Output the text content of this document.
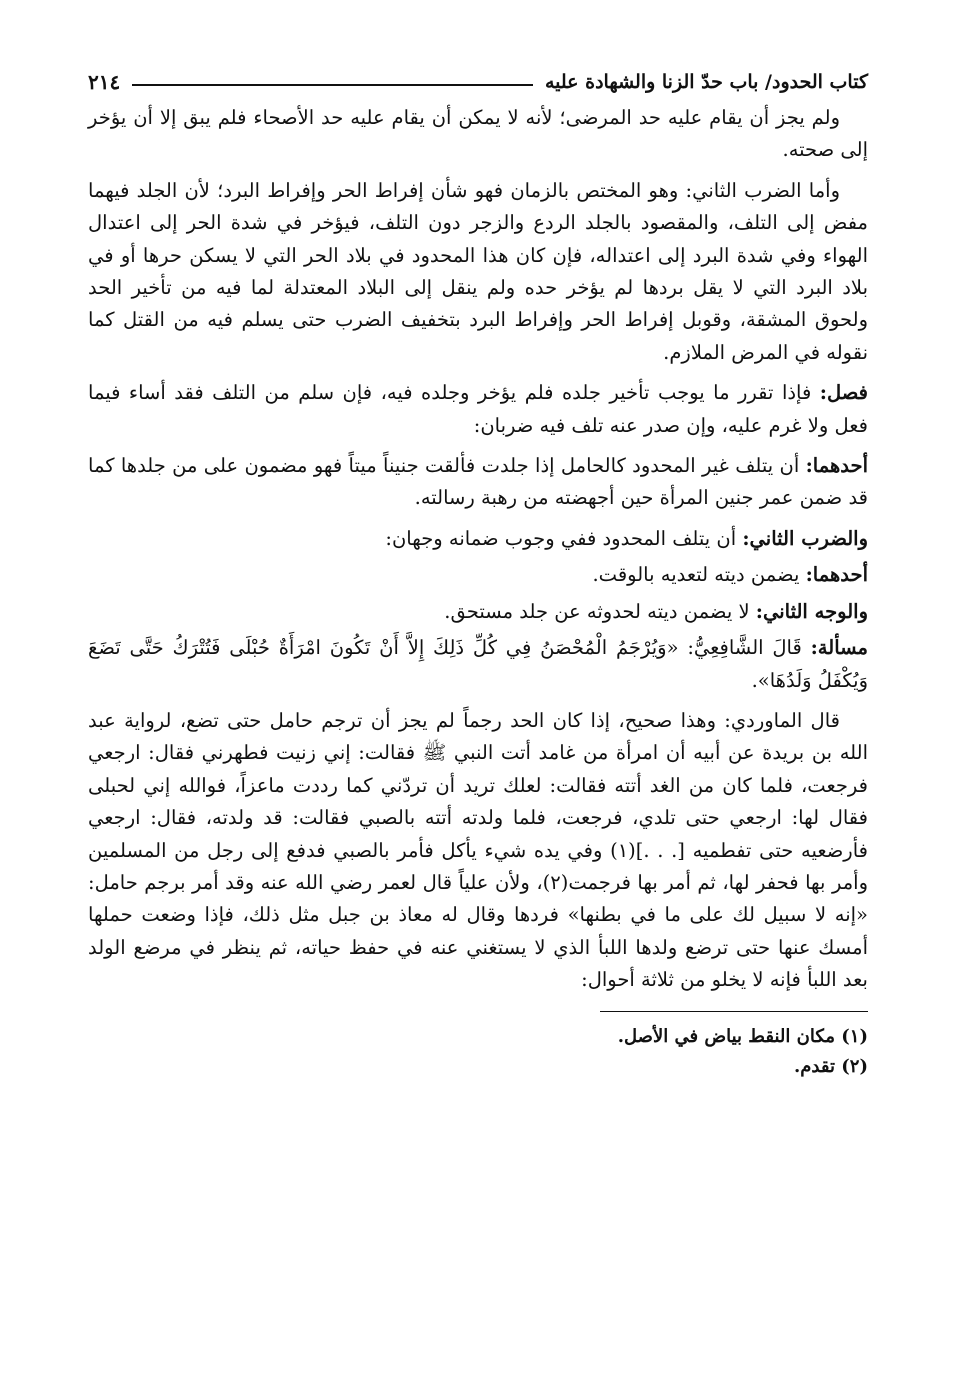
كتاب الحدود/ باب حدّ الزنا والشهادة عليه
٢١٤

ولم يجز أن يقام عليه حد المرضى؛ لأنه لا يمكن أن يقام عليه حد الأصحاء فلم يبق إلا أن يؤخر إلى صحته.

وأما الضرب الثاني: وهو المختص بالزمان فهو شأن إفراط الحر وإفراط البرد؛ لأن الجلد فيهما مفض إلى التلف، والمقصود بالجلد الردع والزجر دون التلف، فيؤخر في شدة الحر إلى اعتدال الهواء وفي شدة البرد إلى اعتداله، فإن كان هذا المحدود في بلاد الحر التي لا يسكن حرها أو في بلاد البرد التي لا يقل بردها لم يؤخر حده ولم ينقل إلى البلاد المعتدلة لما فيه من تأخير الحد ولحوق المشقة، وقوبل إفراط الحر وإفراط البرد بتخفيف الضرب حتى يسلم فيه من القتل كما نقوله في المرض الملازم.

فصل: فإذا تقرر ما يوجب تأخير جلده فلم يؤخر وجلده فيه، فإن سلم من التلف فقد أساء فيما فعل ولا غرم عليه، وإن صدر عنه تلف فيه ضربان:

أحدهما: أن يتلف غير المحدود كالحامل إذا جلدت فألقت جنيناً ميتاً فهو مضمون على من جلدها كما قد ضمن عمر جنين المرأة حين أجهضته من رهبة رسالته.

والضرب الثاني: أن يتلف المحدود ففي وجوب ضمانه وجهان:

أحدهما: يضمن ديته لتعديه بالوقت.

والوجه الثاني: لا يضمن ديته لحدوثه عن جلد مستحق.

مسألة: قَالَ الشَّافِعِيُّ: «وَيُرْجَمُ الْمُحْصَنُ فِي كُلِّ ذَلِكَ إِلاَّ أَنْ تَكُونَ امْرَأَةٌ حُبْلَى فَتُتْرَكُ حَتَّى تَضَعَ وَيُكْفَلُ وَلَدُهَا».

قال الماوردي: وهذا صحيح، إذا كان الحد رجماً لم يجز أن ترجم حامل حتى تضع، لرواية عبد الله بن بريدة عن أبيه أن امرأة من غامد أتت النبي ﷺ فقالت: إني زنيت فطهرني فقال: ارجعي فرجعت، فلما كان من الغد أتته فقالت: لعلك تريد أن تردّني كما رددت ماعزاً، فوالله إني لحبلى فقال لها: ارجعي حتى تلدي، فرجعت، فلما ولدته أتته بالصبي فقالت: قد ولدته، فقال: ارجعي فأرضعيه حتى تفطميه [. . .](١) وفي يده شيء يأكل فأمر بالصبي فدفع إلى رجل من المسلمين وأمر بها فحفر لها، ثم أمر بها فرجمت(٢)، ولأن علياً قال لعمر رضي الله عنه وقد أمر برجم حامل: «إنه لا سبيل لك على ما في بطنها» فردها وقال له معاذ بن جبل مثل ذلك، فإذا وضعت حملها أمسك عنها حتى ترضع ولدها اللبأ الذي لا يستغني عنه في حفظ حياته، ثم ينظر في مرضع الولد بعد اللبأ فإنه لا يخلو من ثلاثة أحوال:

(١) مكان النقط بياض في الأصل.

(٢) تقدم.
